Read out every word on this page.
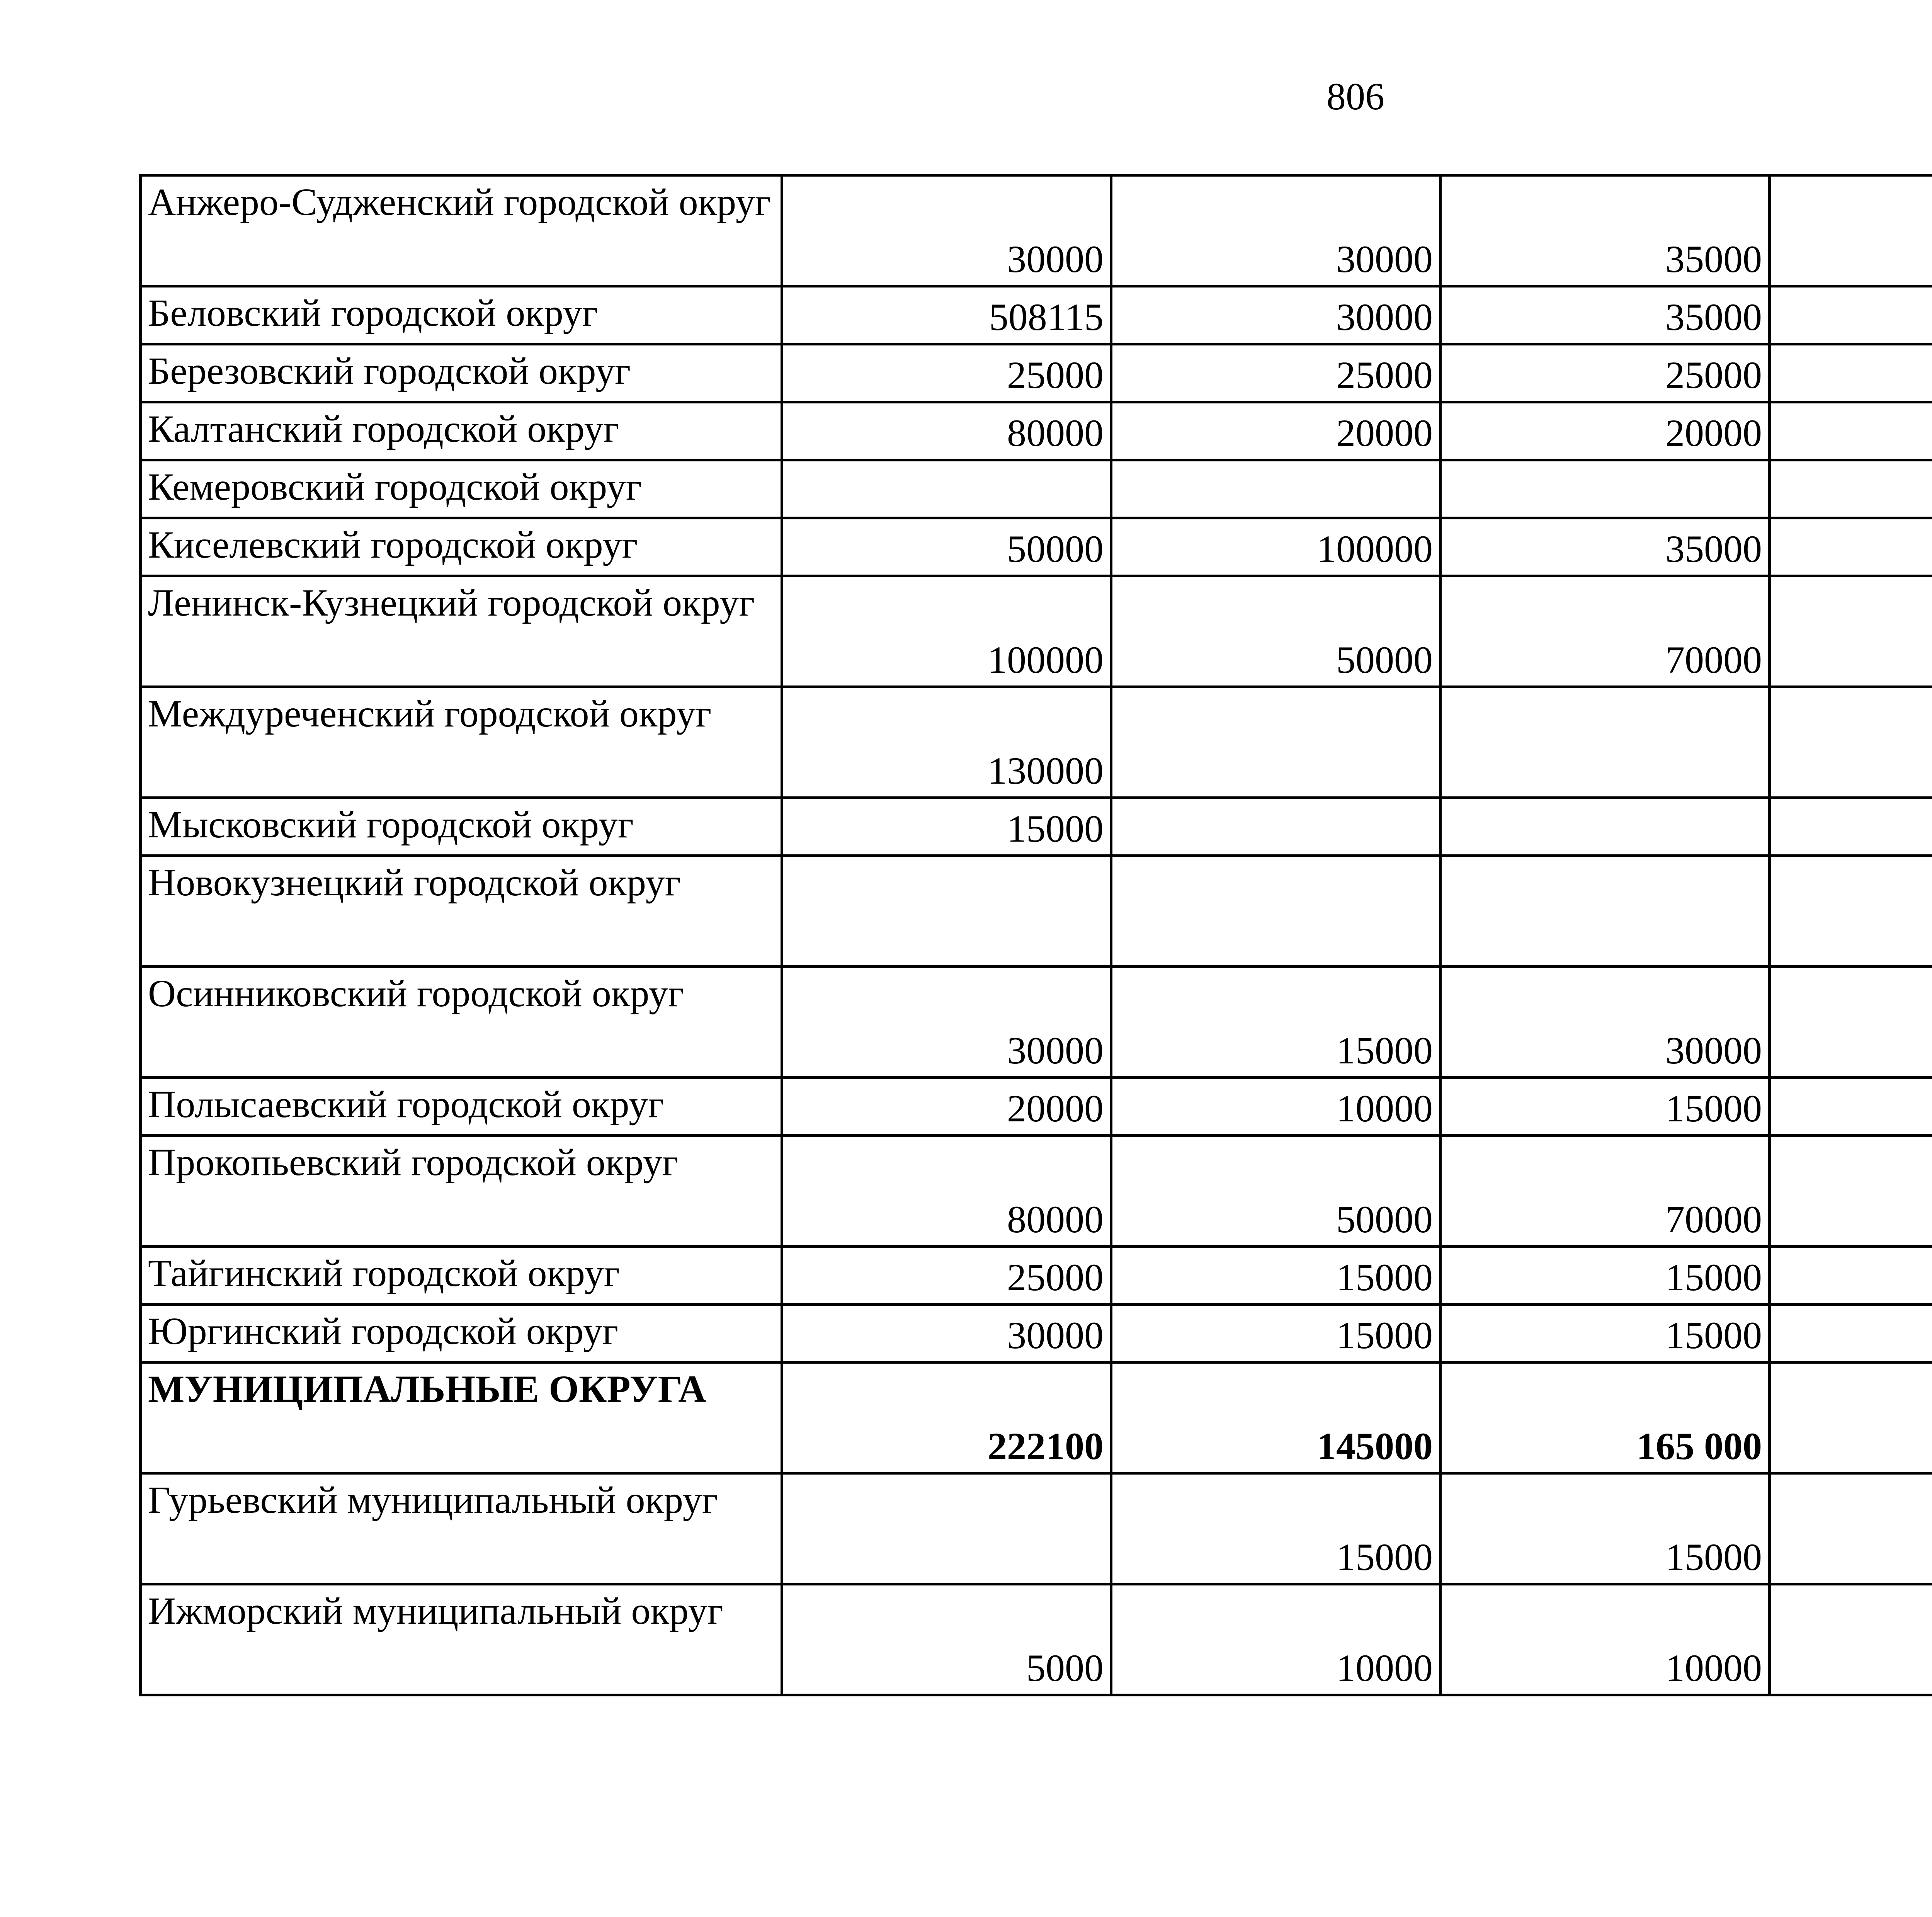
806
Анжеро-Судженский городской округ	30000	30000	35000			
Беловский городской округ	508115	30000	35000			
Березовский городской округ	25000	25000	25000			
Калтанский городской округ	80000	20000	20000			
Кемеровский городской округ						
Киселевский городской округ	50000	100000	35000			
Ленинск-Кузнецкий городской округ	100000	50000	70000			
Междуреченский городской округ	130000					
Мысковский городской округ	15000					
Новокузнецкий городской округ						
Осинниковский городской округ	30000	15000	30000			
Полысаевский городской округ	20000	10000	15000			
Прокопьевский городской округ	80000	50000	70000			
Тайгинский городской округ	25000	15000	15000			
Юргинский городской округ	30000	15000	15000			
МУНИЦИПАЛЬНЫЕ ОКРУГА	222100	145000	165 000			
Гурьевский муниципальный округ		15000	15000			
Ижморский муниципальный округ	5000	10000	10000			
